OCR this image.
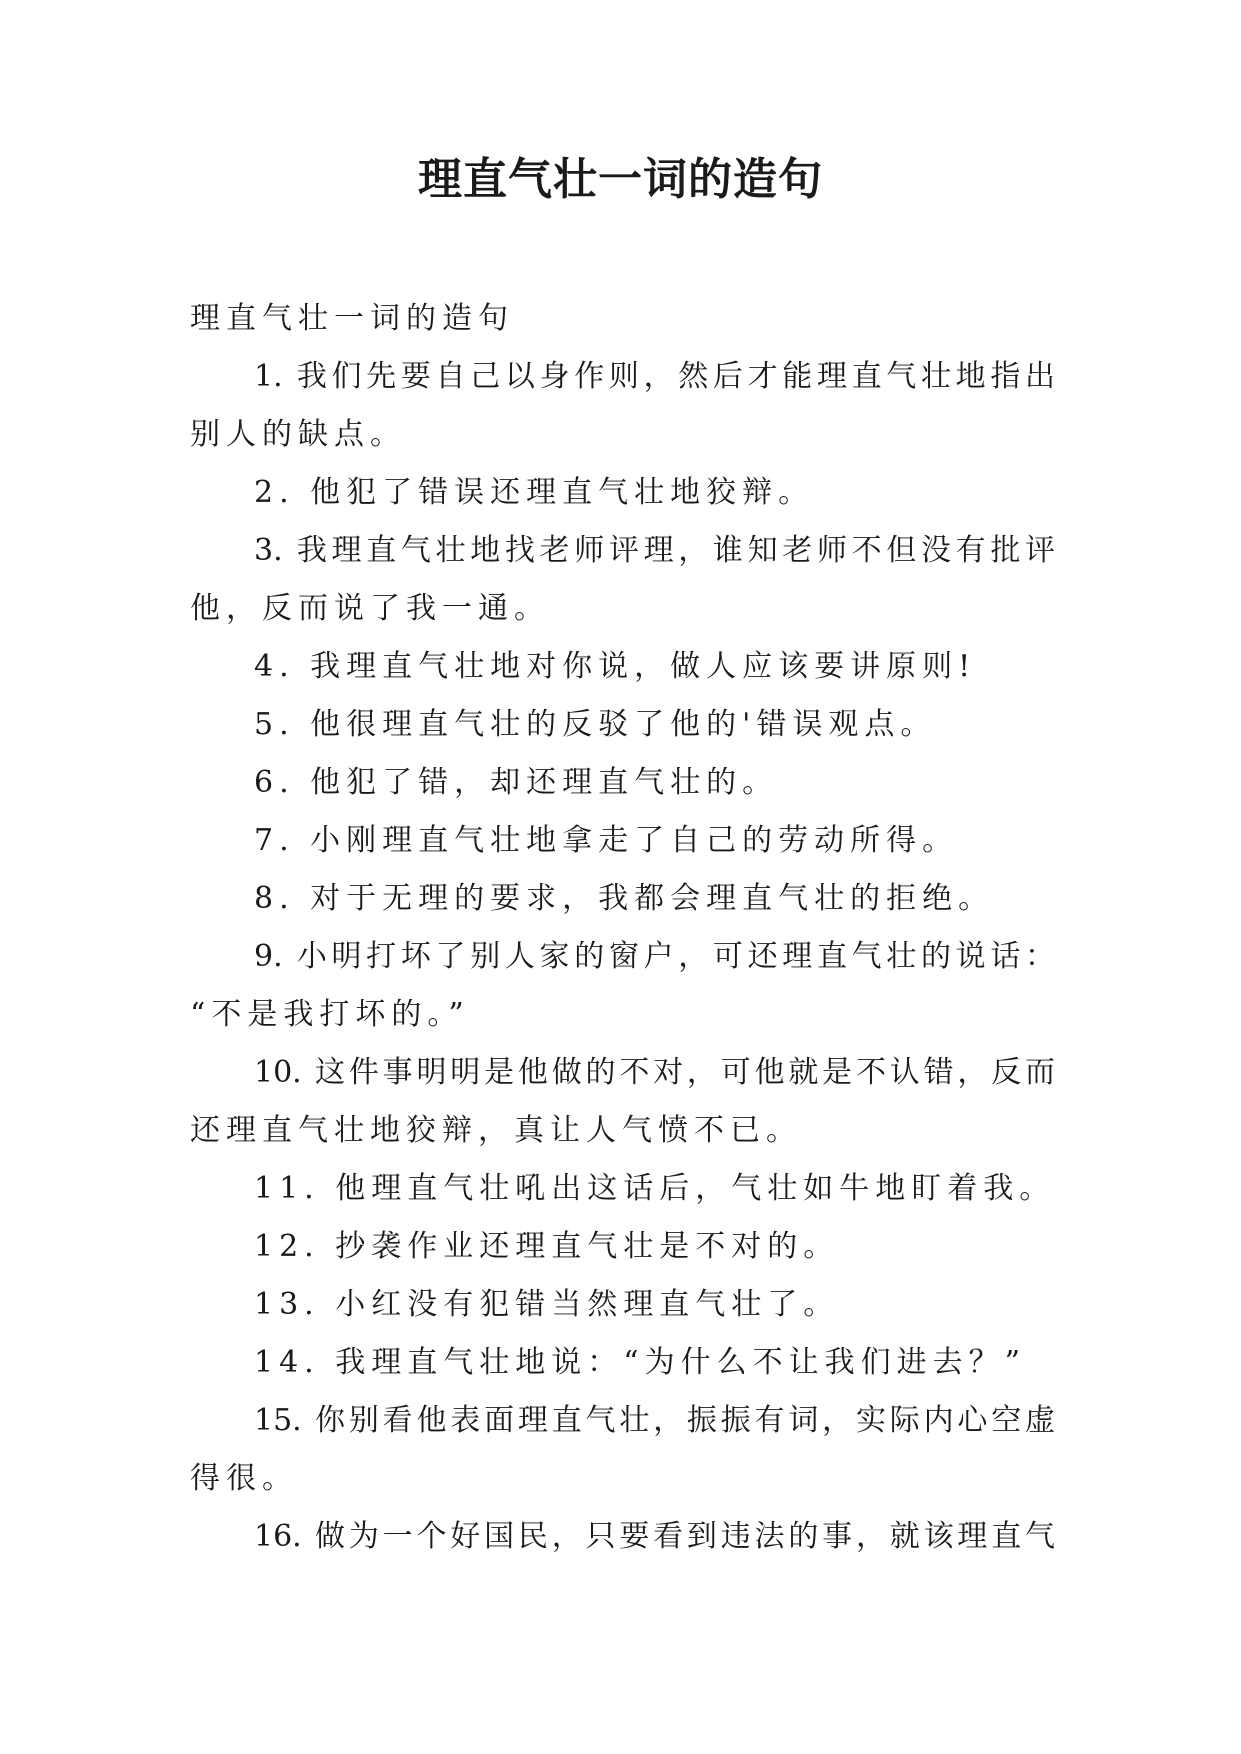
理直气壮一词的造句

理直气壮一词的造句

1. 我们先要自己以身作则，然后才能理直气壮地指出

别人的缺点。

2. 他犯了错误还理直气壮地狡辩。

3. 我理直气壮地找老师评理，谁知老师不但没有批评

他，反而说了我一通。

4. 我理直气壮地对你说，做人应该要讲原则!

5. 他很理直气壮的反驳了他的'错误观点。

6. 他犯了错，却还理直气壮的。

7. 小刚理直气壮地拿走了自己的劳动所得。

8. 对于无理的要求，我都会理直气壮的拒绝。

9. 小明打坏了别人家的窗户，可还理直气壮的说话：

“不是我打坏的。”

10. 这件事明明是他做的不对，可他就是不认错，反而

还理直气壮地狡辩，真让人气愤不已。

11. 他理直气壮吼出这话后，气壮如牛地盯着我。

12. 抄袭作业还理直气壮是不对的。

13. 小红没有犯错当然理直气壮了。

14. 我理直气壮地说：“为什么不让我们进去？”

15. 你别看他表面理直气壮，振振有词，实际内心空虚

得很。

16. 做为一个好国民，只要看到违法的事，就该理直气
